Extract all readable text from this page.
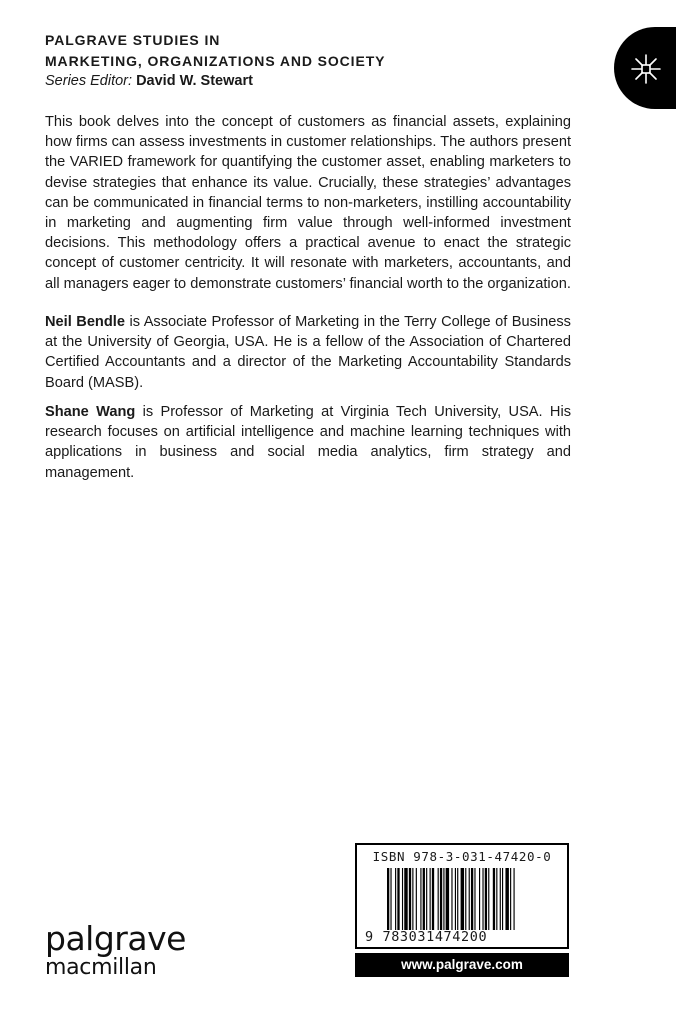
PALGRAVE STUDIES IN
MARKETING, ORGANIZATIONS AND SOCIETY
Series Editor: David W. Stewart
This book delves into the concept of customers as financial assets, explaining how firms can assess investments in customer relationships. The authors present the VARIED framework for quantifying the customer asset, enabling marketers to devise strategies that enhance its value. Crucially, these strategies’ advantages can be communicated in financial terms to non-marketers, instilling accountability in marketing and augmenting firm value through well-informed investment decisions. This methodology offers a practical avenue to enact the strategic concept of customer centricity. It will resonate with marketers, accountants, and all managers eager to demonstrate customers’ financial worth to the organization.
Neil Bendle is Associate Professor of Marketing in the Terry College of Business at the University of Georgia, USA. He is a fellow of the Association of Chartered Certified Accountants and a director of the Marketing Accountability Standards Board (MASB).
Shane Wang is Professor of Marketing at Virginia Tech University, USA. His research focuses on artificial intelligence and machine learning techniques with applications in business and social media analytics, firm strategy and management.
palgrave
macmillan
ISBN 978-3-031-47420-0
9 783031474200
www.palgrave.com
